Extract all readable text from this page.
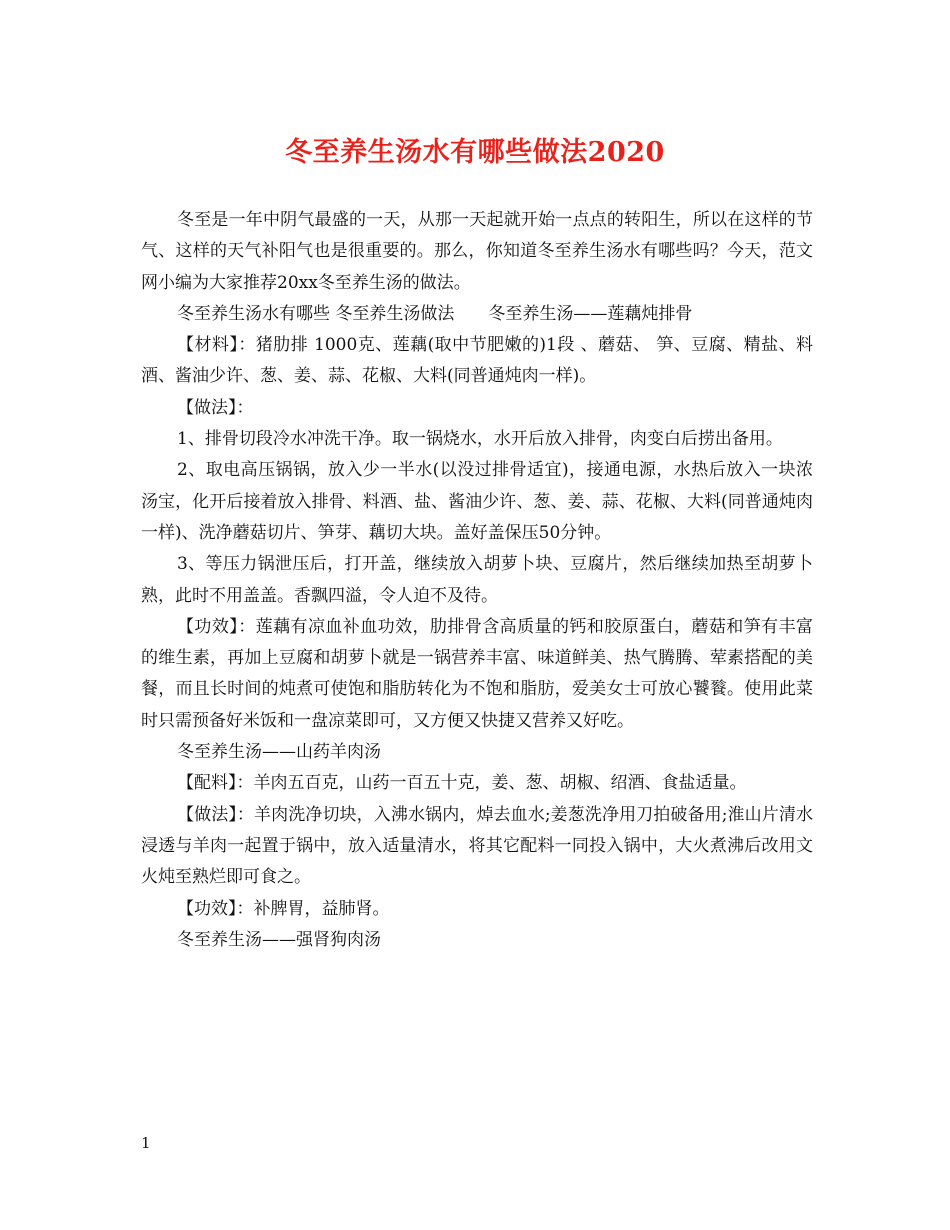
冬至养生汤水有哪些做法2020

冬至是一年中阴气最盛的一天，从那一天起就开始一点点的转阳生，所以在这样的节气、这样的天气补阳气也是很重要的。那么，你知道冬至养生汤水有哪些吗？今天，范文网小编为大家推荐20xx冬至养生汤的做法。

冬至养生汤水有哪些 冬至养生汤做法　　冬至养生汤——莲藕炖排骨

【材料】：猪肋排 1000克、莲藕(取中节肥嫩的)1段 、蘑菇、 笋、豆腐、精盐、料酒、酱油少许、葱、姜、蒜、花椒、大料(同普通炖肉一样)。

【做法】：

1、排骨切段冷水冲洗干净。取一锅烧水，水开后放入排骨，肉变白后捞出备用。

2、取电高压锅锅，放入少一半水(以没过排骨适宜)，接通电源，水热后放入一块浓汤宝，化开后接着放入排骨、料酒、盐、酱油少许、葱、姜、蒜、花椒、大料(同普通炖肉一样)、洗净蘑菇切片、笋芽、藕切大块。盖好盖保压50分钟。

3、等压力锅泄压后，打开盖，继续放入胡萝卜块、豆腐片，然后继续加热至胡萝卜熟，此时不用盖盖。香飘四溢，令人迫不及待。

【功效】：莲藕有凉血补血功效，肋排骨含高质量的钙和胶原蛋白，蘑菇和笋有丰富的维生素，再加上豆腐和胡萝卜就是一锅营养丰富、味道鲜美、热气腾腾、荤素搭配的美餐，而且长时间的炖煮可使饱和脂肪转化为不饱和脂肪，爱美女士可放心饕餮。使用此菜时只需预备好米饭和一盘凉菜即可，又方便又快捷又营养又好吃。

冬至养生汤——山药羊肉汤

【配料】：羊肉五百克，山药一百五十克，姜、葱、胡椒、绍酒、食盐适量。

【做法】：羊肉洗净切块，入沸水锅内，焯去血水;姜葱洗净用刀拍破备用;淮山片清水浸透与羊肉一起置于锅中，放入适量清水，将其它配料一同投入锅中，大火煮沸后改用文火炖至熟烂即可食之。

【功效】：补脾胃，益肺肾。

冬至养生汤——强肾狗肉汤

1
